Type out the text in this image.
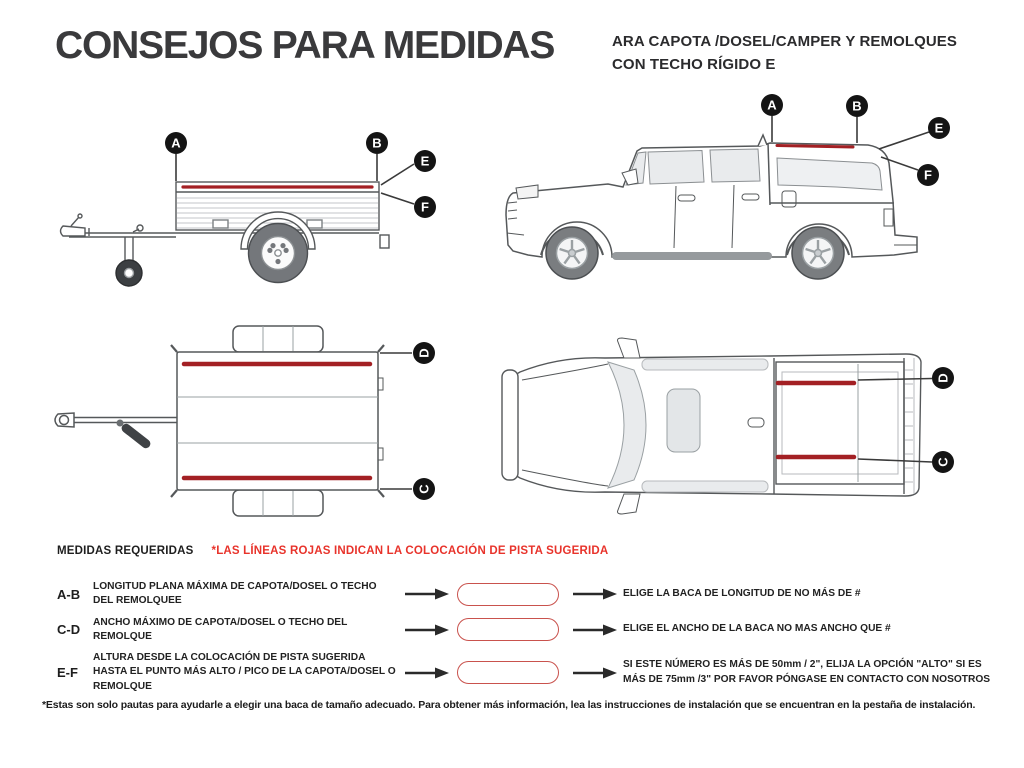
CONSEJOS PARA MEDIDAS	ARA CAPOTA /DOSEL/CAMPER Y REMOLQUES
CON TECHO RÍGIDO E
A	B
E
F
A	B
E
F
D
C
D
C
MEDIDAS REQUERIDAS *LAS LÍNEAS ROJAS INDICAN LA COLOCACIÓN DE PISTA SUGERIDA
A-B
LONGITUD PLANA MÁXIMA DE CAPOTA/DOSEL O TECHO DEL REMOLQUEE
ELIGE LA BACA DE LONGITUD DE NO MÁS DE #
C-D
ANCHO MÁXIMO DE CAPOTA/DOSEL O TECHO DEL REMOLQUE
ELIGE EL ANCHO DE LA BACA NO MAS ANCHO QUE #
E-F
ALTURA DESDE LA COLOCACIÓN DE PISTA SUGERIDA HASTA EL PUNTO MÁS ALTO / PICO DE LA CAPOTA/DOSEL O REMOLQUE
SI ESTE NÚMERO ES MÁS DE 50mm / 2", ELIJA LA OPCIÓN "ALTO" SI ES MÁS DE 75mm /3" POR FAVOR PÓNGASE EN CONTACTO CON NOSOTROS
*Estas son solo pautas para ayudarle a elegir una baca de tamaño adecuado. Para obtener más información, lea las instrucciones de instalación que se encuentran en la pestaña de instalación.
